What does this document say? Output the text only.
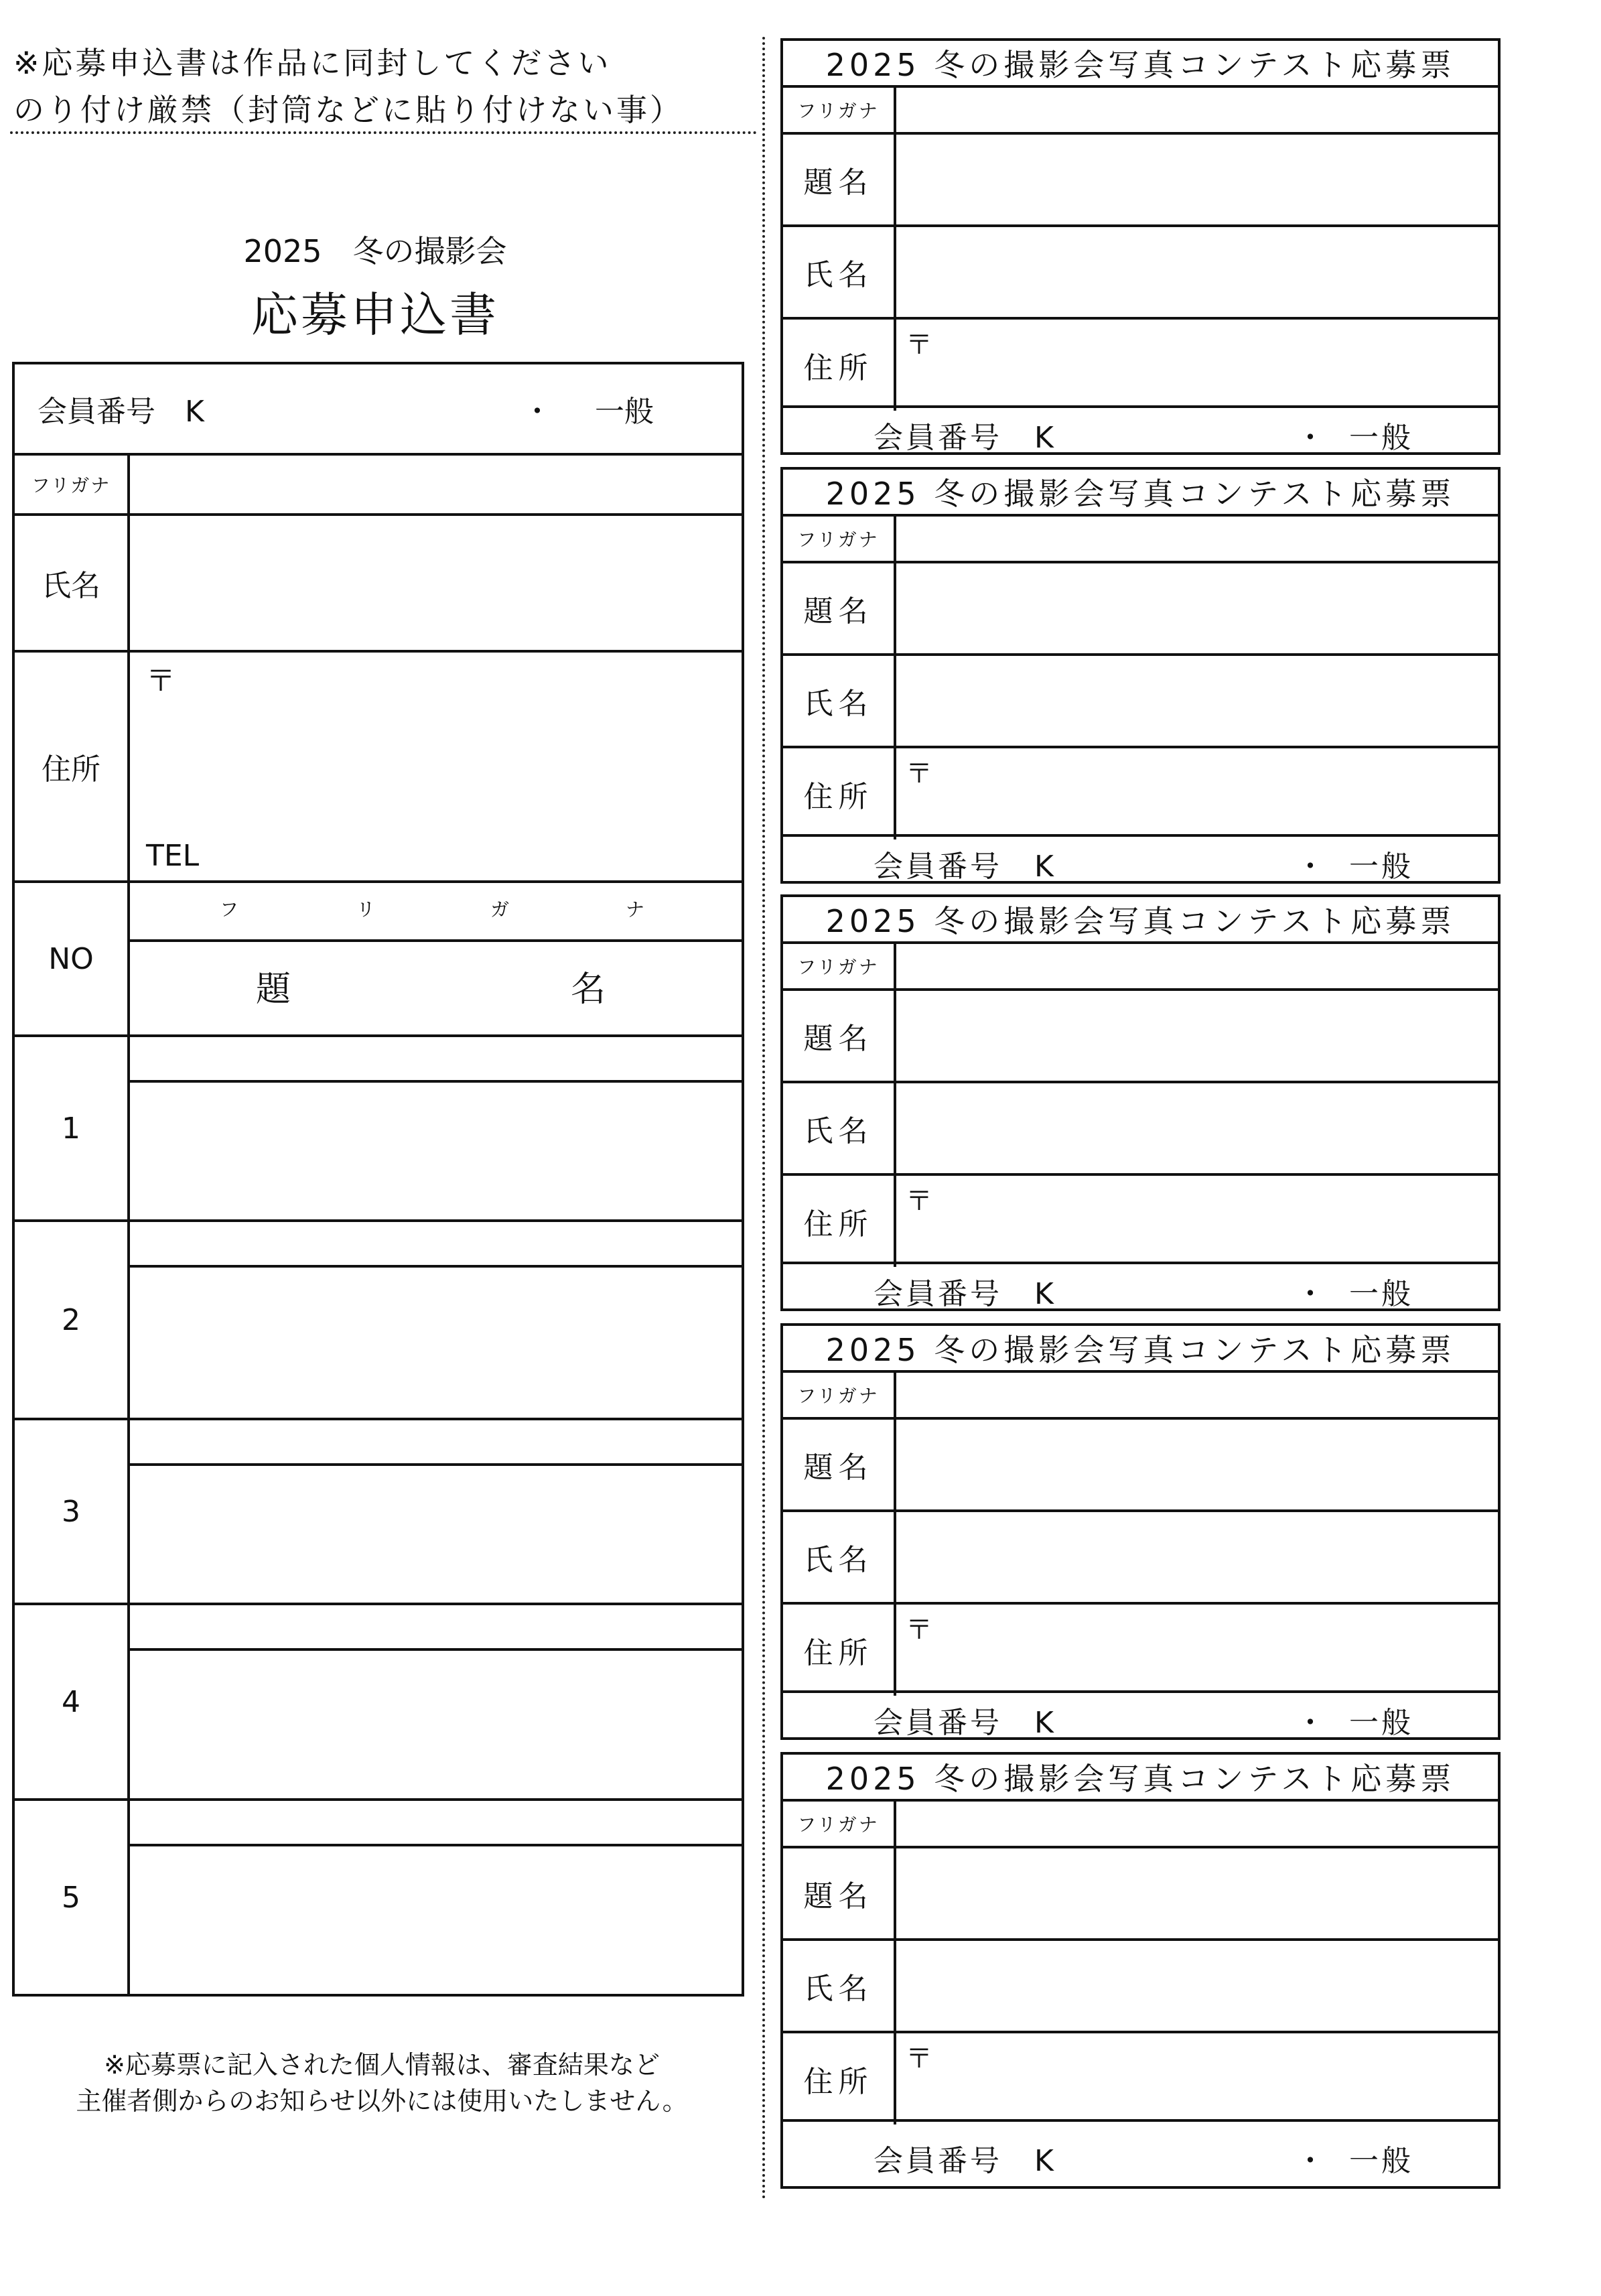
※応募申込書は作品に同封してください
のり付け厳禁（封筒などに貼り付けない事）
2025　冬の撮影会
応募申込書
会員番号　K	・	一般
フリガナ
氏名
住所
〒
TEL
NO
フ	リ	ガ	ナ
題	名
1
2
3
4
5
※応募票に記入された個人情報は、審査結果など
主催者側からのお知らせ以外には使用いたしません。
2025 冬の撮影会写真コンテスト応募票
フリガナ
題名
氏名
住所
〒
会員番号　K	・ 一般
2025 冬の撮影会写真コンテスト応募票
フリガナ
題名
氏名
住所
〒
会員番号　K	・ 一般
2025 冬の撮影会写真コンテスト応募票
フリガナ
題名
氏名
住所
〒
会員番号　K	・ 一般
2025 冬の撮影会写真コンテスト応募票
フリガナ
題名
氏名
住所
〒
会員番号　K	・ 一般
2025 冬の撮影会写真コンテスト応募票
フリガナ
題名
氏名
住所
〒
会員番号　K	・ 一般
